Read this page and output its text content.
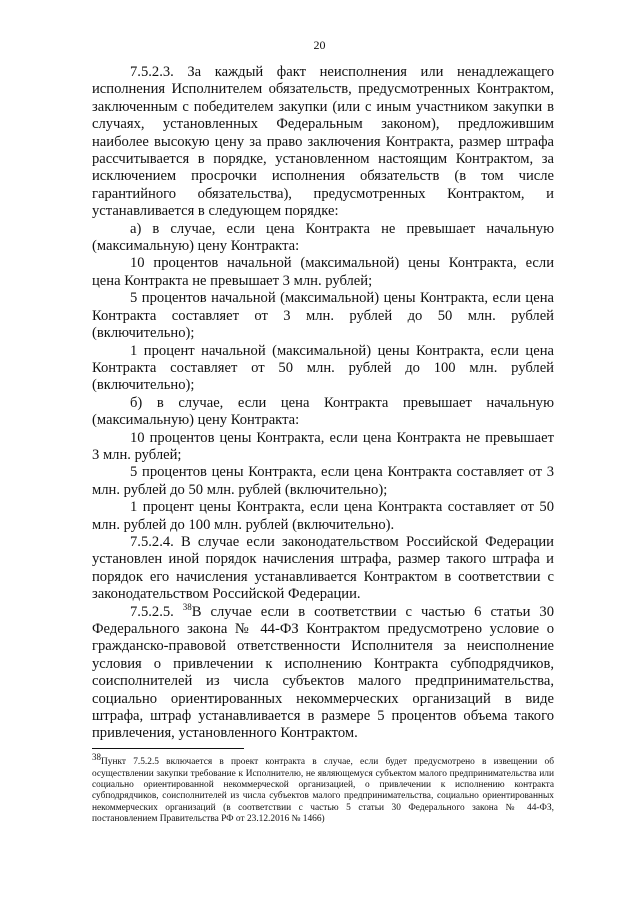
20

7.5.2.3. За каждый факт неисполнения или ненадлежащего исполнения Исполнителем обязательств, предусмотренных Контрактом, заключенным с победителем закупки (или с иным участником закупки в случаях, установленных Федеральным законом), предложившим наиболее высокую цену за право заключения Контракта, размер штрафа рассчитывается в порядке, установленном настоящим Контрактом, за исключением просрочки исполнения обязательств (в том числе гарантийного обязательства), предусмотренных Контрактом, и устанавливается в следующем порядке:

а) в случае, если цена Контракта не превышает начальную (максимальную) цену Контракта:

10 процентов начальной (максимальной) цены Контракта, если цена Контракта не превышает 3 млн. рублей;

5 процентов начальной (максимальной) цены Контракта, если цена Контракта составляет от 3 млн. рублей до 50 млн. рублей (включительно);

1 процент начальной (максимальной) цены Контракта, если цена Контракта составляет от 50 млн. рублей до 100 млн. рублей (включительно);

б) в случае, если цена Контракта превышает начальную (максимальную) цену Контракта:

10 процентов цены Контракта, если цена Контракта не превышает 3 млн. рублей;

5 процентов цены Контракта, если цена Контракта составляет от 3 млн. рублей до 50 млн. рублей (включительно);

1 процент цены Контракта, если цена Контракта составляет от 50 млн. рублей до 100 млн. рублей (включительно).

7.5.2.4. В случае если законодательством Российской Федерации установлен иной порядок начисления штрафа, размер такого штрафа и порядок его начисления устанавливается Контрактом в соответствии с законодательством Российской Федерации.

7.5.2.5. $^{38}$В случае если в соответствии с частью 6 статьи 30 Федерального закона № 44-ФЗ Контрактом предусмотрено условие о гражданско-правовой ответственности Исполнителя за неисполнение условия о привлечении к исполнению Контракта субподрядчиков, соисполнителей из числа субъектов малого предпринимательства, социально ориентированных некоммерческих организаций в виде штрафа, штраф устанавливается в размере 5 процентов объема такого привлечения, установленного Контрактом.

$^{38}$Пункт 7.5.2.5 включается в проект контракта в случае, если будет предусмотрено в извещении об осуществлении закупки требование к Исполнителю, не являющемуся субъектом малого предпринимательства или социально ориентированной некоммерческой организацией, о привлечении к исполнению контракта субподрядчиков, соисполнителей из числа субъектов малого предпринимательства, социально ориентированных некоммерческих организаций (в соответствии с частью 5 статьи 30 Федерального закона № 44-ФЗ, постановлением Правительства РФ от 23.12.2016 № 1466)
